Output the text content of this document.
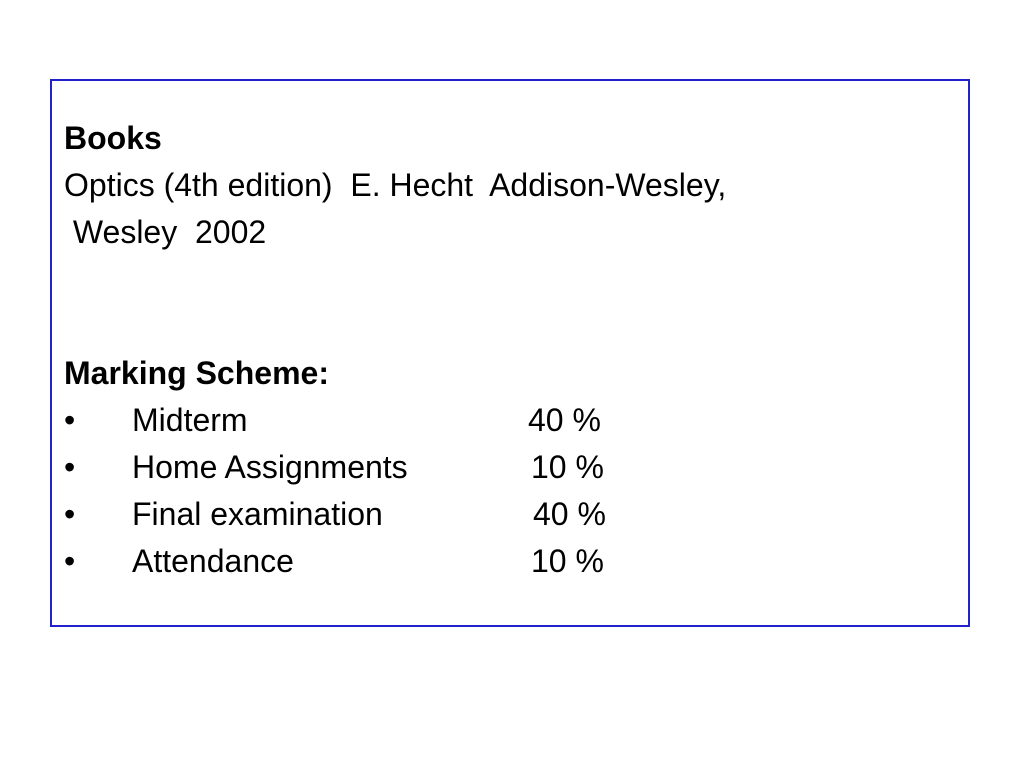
Books

Optics (4th edition)  E. Hecht  Addison-Wesley,

Wesley  2002

Marking Scheme:

•	Midterm	40 %
•	Home Assignments	10 %
•	Final examination	40 %
•	Attendance	10 %
